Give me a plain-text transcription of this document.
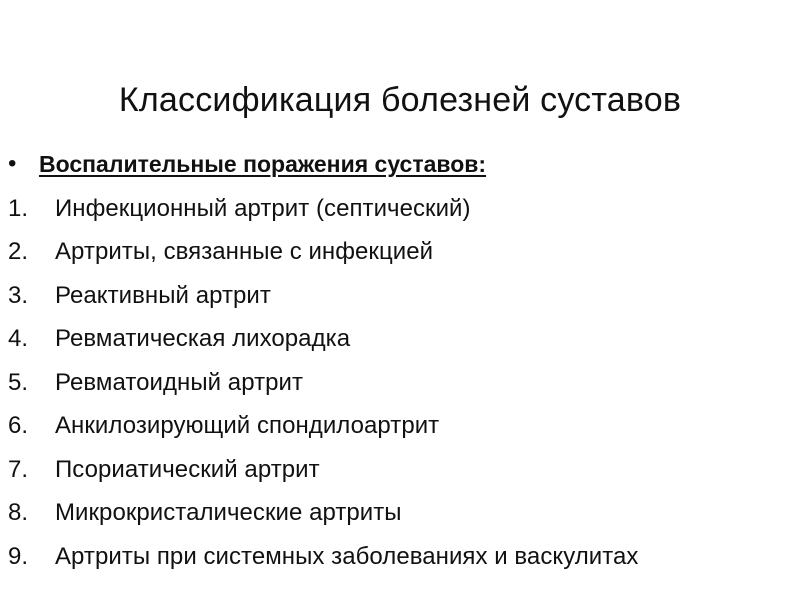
Классификация болезней суставов
• Воспалительные поражения суставов:
1.	Инфекционный артрит (септический)
2.	Артриты, связанные с инфекцией
3.	Реактивный артрит
4.	Ревматическая лихорадка
5.	Ревматоидный артрит
6.	Анкилозирующий спондилоартрит
7.	Псориатический артрит
8.	Микрокристалические артриты
9.	Артриты при системных заболеваниях и васкулитах
